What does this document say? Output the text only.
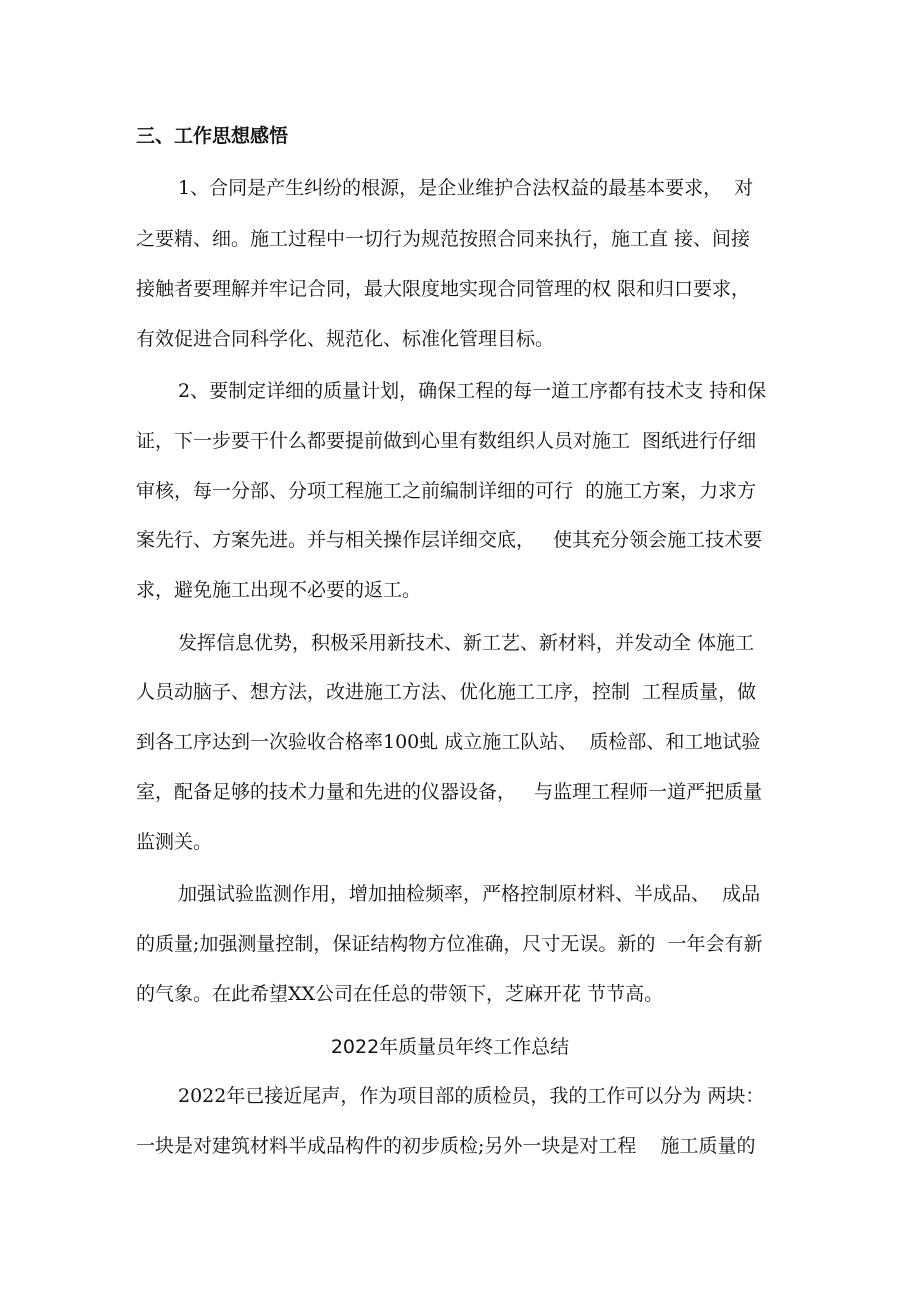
三、工作思想感悟
1、合同是产生纠纷的根源，是企业维护合法权益的最基本要求，  对
之要精、细。施工过程中一切行为规范按照合同来执行，施工直 接、间接
接触者要理解并牢记合同，最大限度地实现合同管理的权 限和归口要求，
有效促进合同科学化、规范化、标准化管理目标。
2、要制定详细的质量计划，确保工程的每一道工序都有技术支 持和保
证，下一步要干什么都要提前做到心里有数组织人员对施工  图纸进行仔细
审核，每一分部、分项工程施工之前编制详细的可行  的施工方案，力求方
案先行、方案先进。并与相关操作层详细交底，   使其充分领会施工技术要
求，避免施工出现不必要的返工。
发挥信息优势，积极采用新技术、新工艺、新材料，并发动全 体施工
人员动脑子、想方法，改进施工方法、优化施工工序，控制  工程质量，做
到各工序达到一次验收合格率100虬 成立施工队站、  质检部、和工地试验
室，配备足够的技术力量和先进的仪器设备，   与监理工程师一道严把质量
监测关。
加强试验监测作用，增加抽检频率，严格控制原材料、半成品、  成品
的质量;加强测量控制，保证结构物方位准确，尺寸无误。新的  一年会有新
的气象。在此希望XX公司在任总的带领下，芝麻开花 节节高。
2022年质量员年终工作总结
2022年已接近尾声，作为项目部的质检员，我的工作可以分为 两块：
一块是对建筑材料半成品构件的初步质检;另外一块是对工程    施工质量的
